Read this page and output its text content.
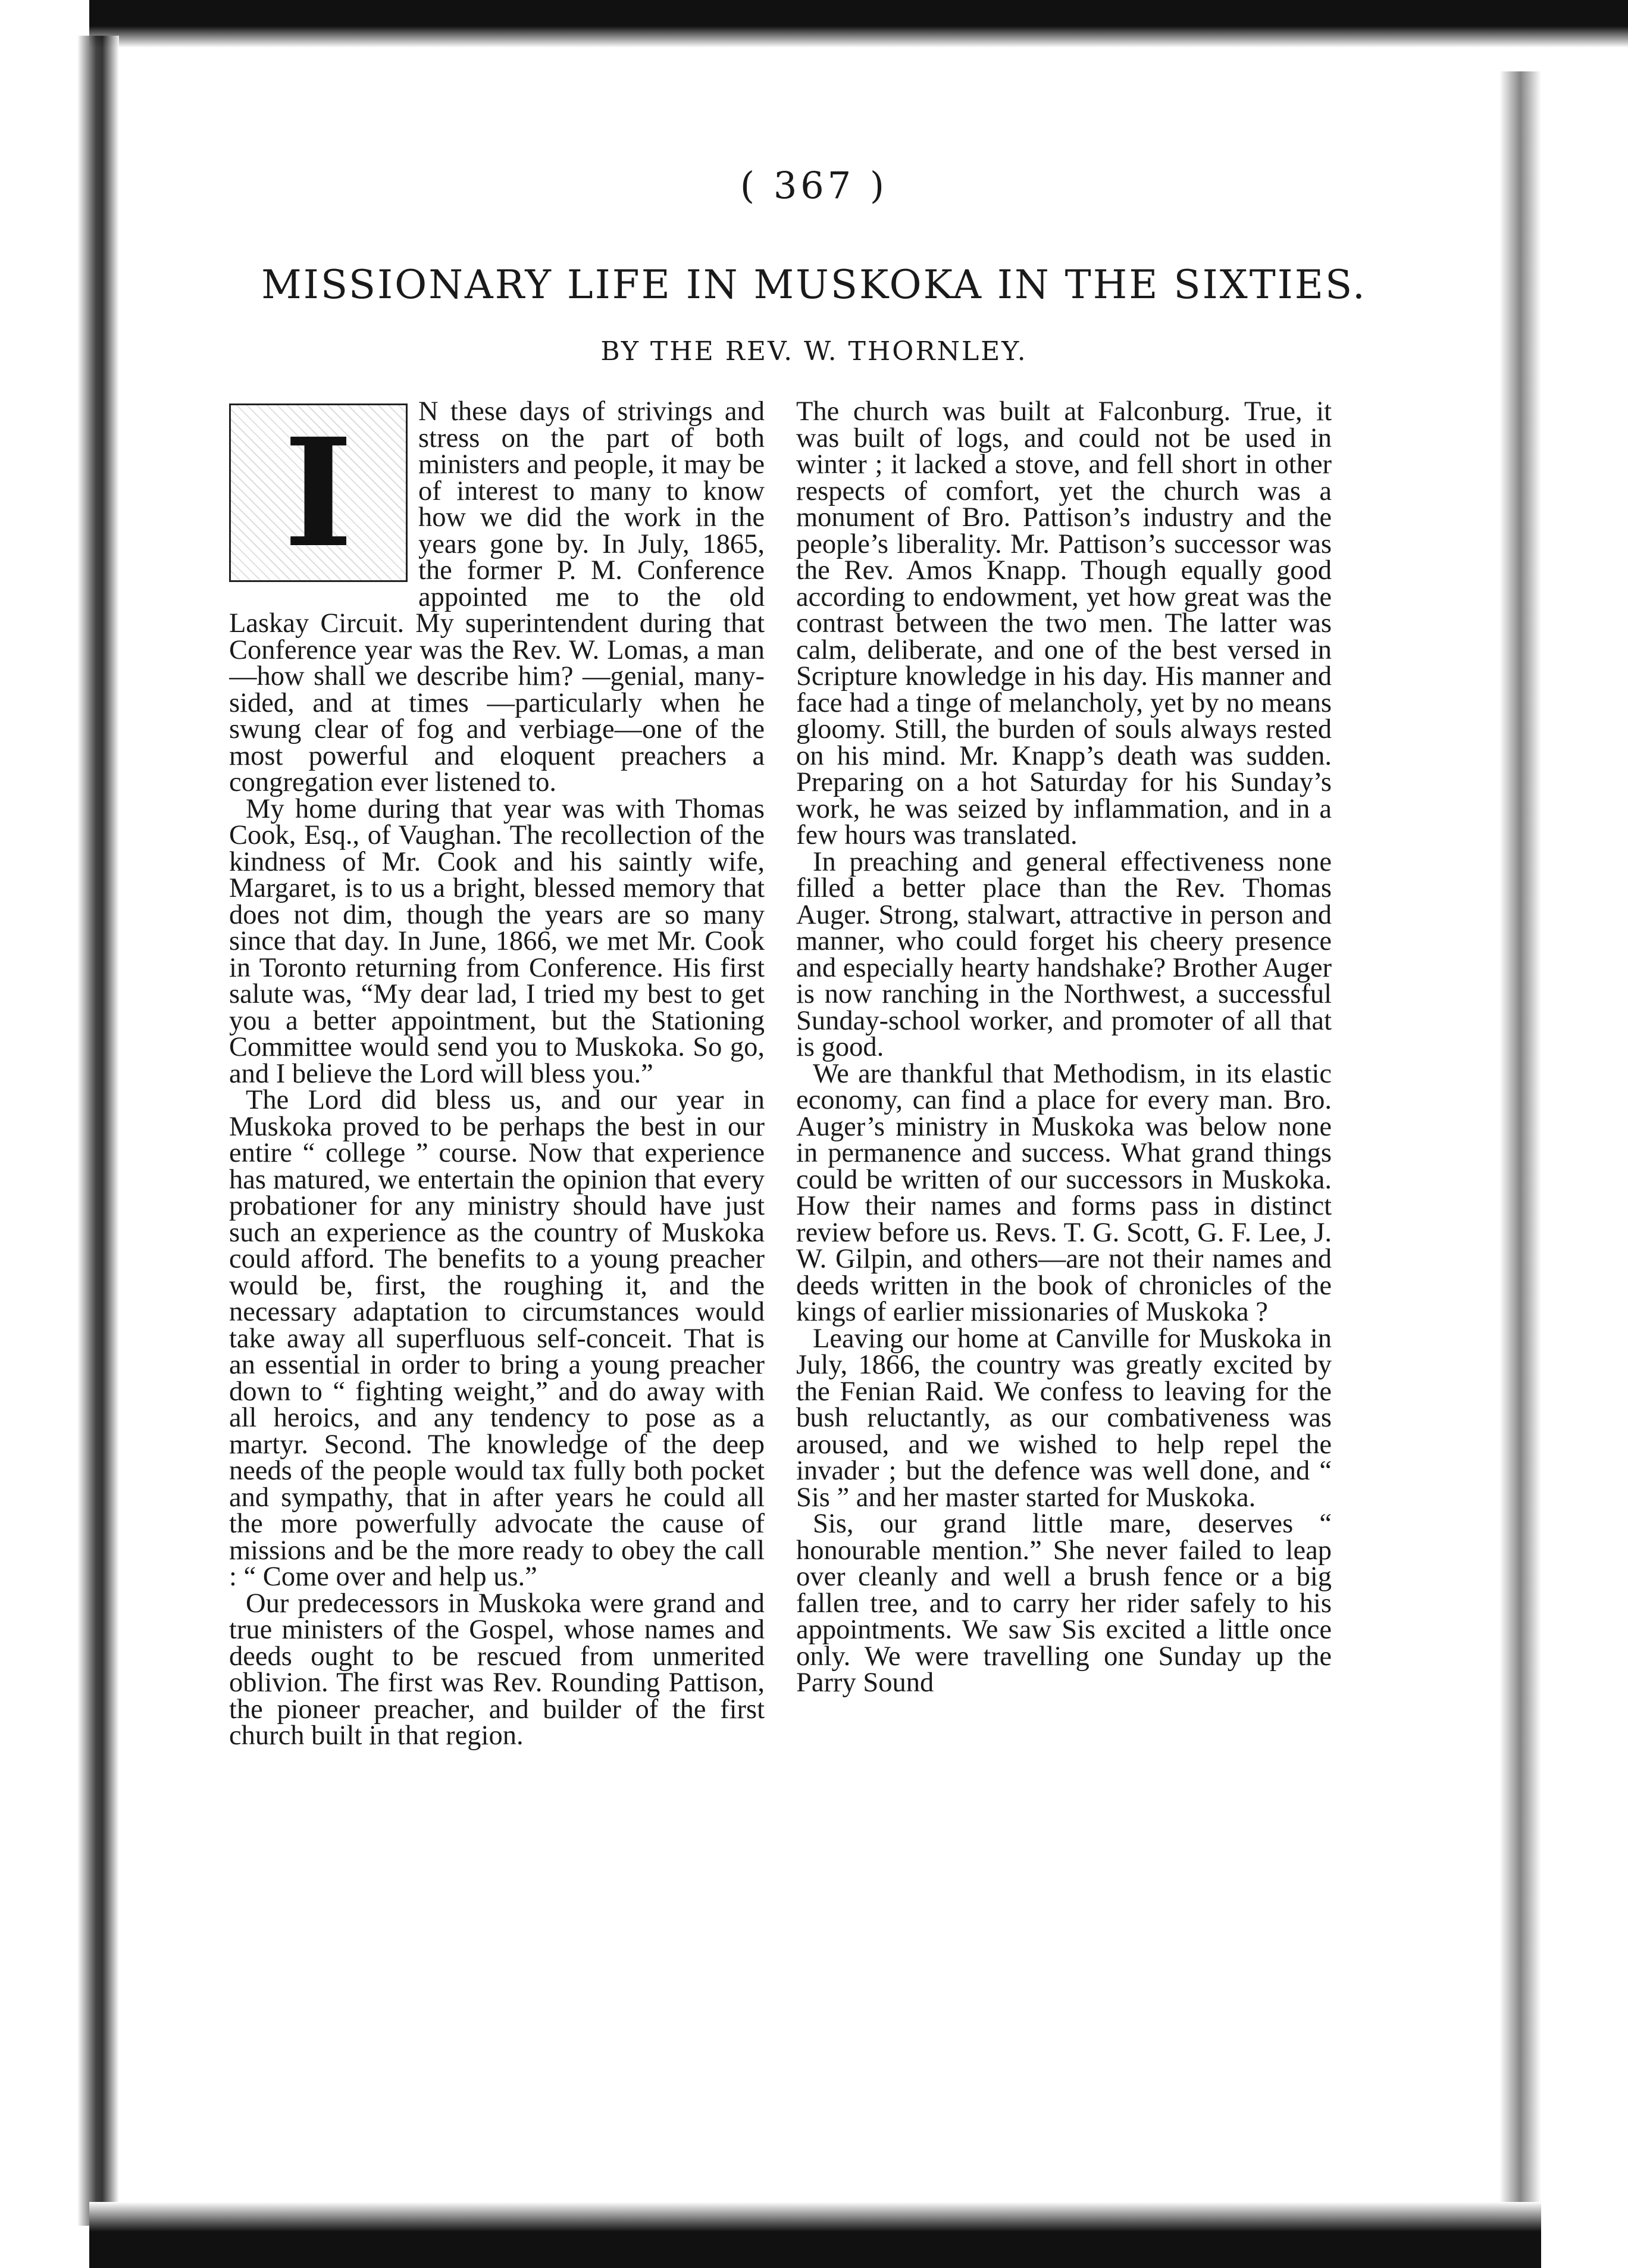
( 367 )
MISSIONARY LIFE IN MUSKOKA IN THE SIXTIES.
BY THE REV. W. THORNLEY.
I	N these days of strivings and stress on the part of both ministers and people, it may be of interest to many to know how we did the work in the years gone by. In July, 1865, the former P. M. Conference appointed me to the old Laskay Circuit. My superintendent during that Conference year was the Rev. W. Lomas, a man—how shall we describe him? —genial, many-sided, and at times —particularly when he swung clear of fog and verbiage—one of the most powerful and eloquent preachers a congregation ever listened to.

My home during that year was with Thomas Cook, Esq., of Vaughan. The recollection of the kindness of Mr. Cook and his saintly wife, Margaret, is to us a bright, blessed memory that does not dim, though the years are so many since that day. In June, 1866, we met Mr. Cook in Toronto returning from Conference. His first salute was, “My dear lad, I tried my best to get you a better appointment, but the Stationing Committee would send you to Muskoka. So go, and I believe the Lord will bless you.”

The Lord did bless us, and our year in Muskoka proved to be perhaps the best in our entire “ college ” course. Now that experience has matured, we entertain the opinion that every probationer for any ministry should have just such an experience as the country of Muskoka could afford. The benefits to a young preacher would be, first, the roughing it, and the necessary adaptation to circumstances would take away all superfluous self-conceit. That is an essential in order to bring a young preacher down to “ fighting weight,” and do away with all heroics, and any tendency to pose as a martyr. Second. The knowledge of the deep needs of the people would tax fully both pocket and sympathy, that in after years he could all the more powerfully advocate the cause of missions and be the more ready to obey the call : “ Come over and help us.”

Our predecessors in Muskoka were grand and true ministers of the Gospel, whose names and deeds ought to be rescued from unmerited oblivion. The first was Rev. Rounding Pattison, the pioneer preacher, and builder of the first church built in that region.

The church was built at Falconburg. True, it was built of logs, and could not be used in winter ; it lacked a stove, and fell short in other respects of comfort, yet the church was a monument of Bro. Pattison’s industry and the people’s liberality. Mr. Pattison’s successor was the Rev. Amos Knapp. Though equally good according to endowment, yet how great was the contrast between the two men. The latter was calm, deliberate, and one of the best versed in Scripture knowledge in his day. His manner and face had a tinge of melancholy, yet by no means gloomy. Still, the burden of souls always rested on his mind. Mr. Knapp’s death was sudden. Preparing on a hot Saturday for his Sunday’s work, he was seized by inflammation, and in a few hours was translated.

In preaching and general effectiveness none filled a better place than the Rev. Thomas Auger. Strong, stalwart, attractive in person and manner, who could forget his cheery presence and especially hearty handshake? Brother Auger is now ranching in the Northwest, a successful Sunday-school worker, and promoter of all that is good.

We are thankful that Methodism, in its elastic economy, can find a place for every man. Bro. Auger’s ministry in Muskoka was below none in permanence and success. What grand things could be written of our successors in Muskoka. How their names and forms pass in distinct review before us. Revs. T. G. Scott, G. F. Lee, J. W. Gilpin, and others—are not their names and deeds written in the book of chronicles of the kings of earlier missionaries of Muskoka ?

Leaving our home at Canville for Muskoka in July, 1866, the country was greatly excited by the Fenian Raid. We confess to leaving for the bush reluctantly, as our combativeness was aroused, and we wished to help repel the invader ; but the defence was well done, and “ Sis ” and her master started for Muskoka.

Sis, our grand little mare, deserves “ honourable mention.” She never failed to leap over cleanly and well a brush fence or a big fallen tree, and to carry her rider safely to his appointments. We saw Sis excited a little once only. We were travelling one Sunday up the Parry Sound
